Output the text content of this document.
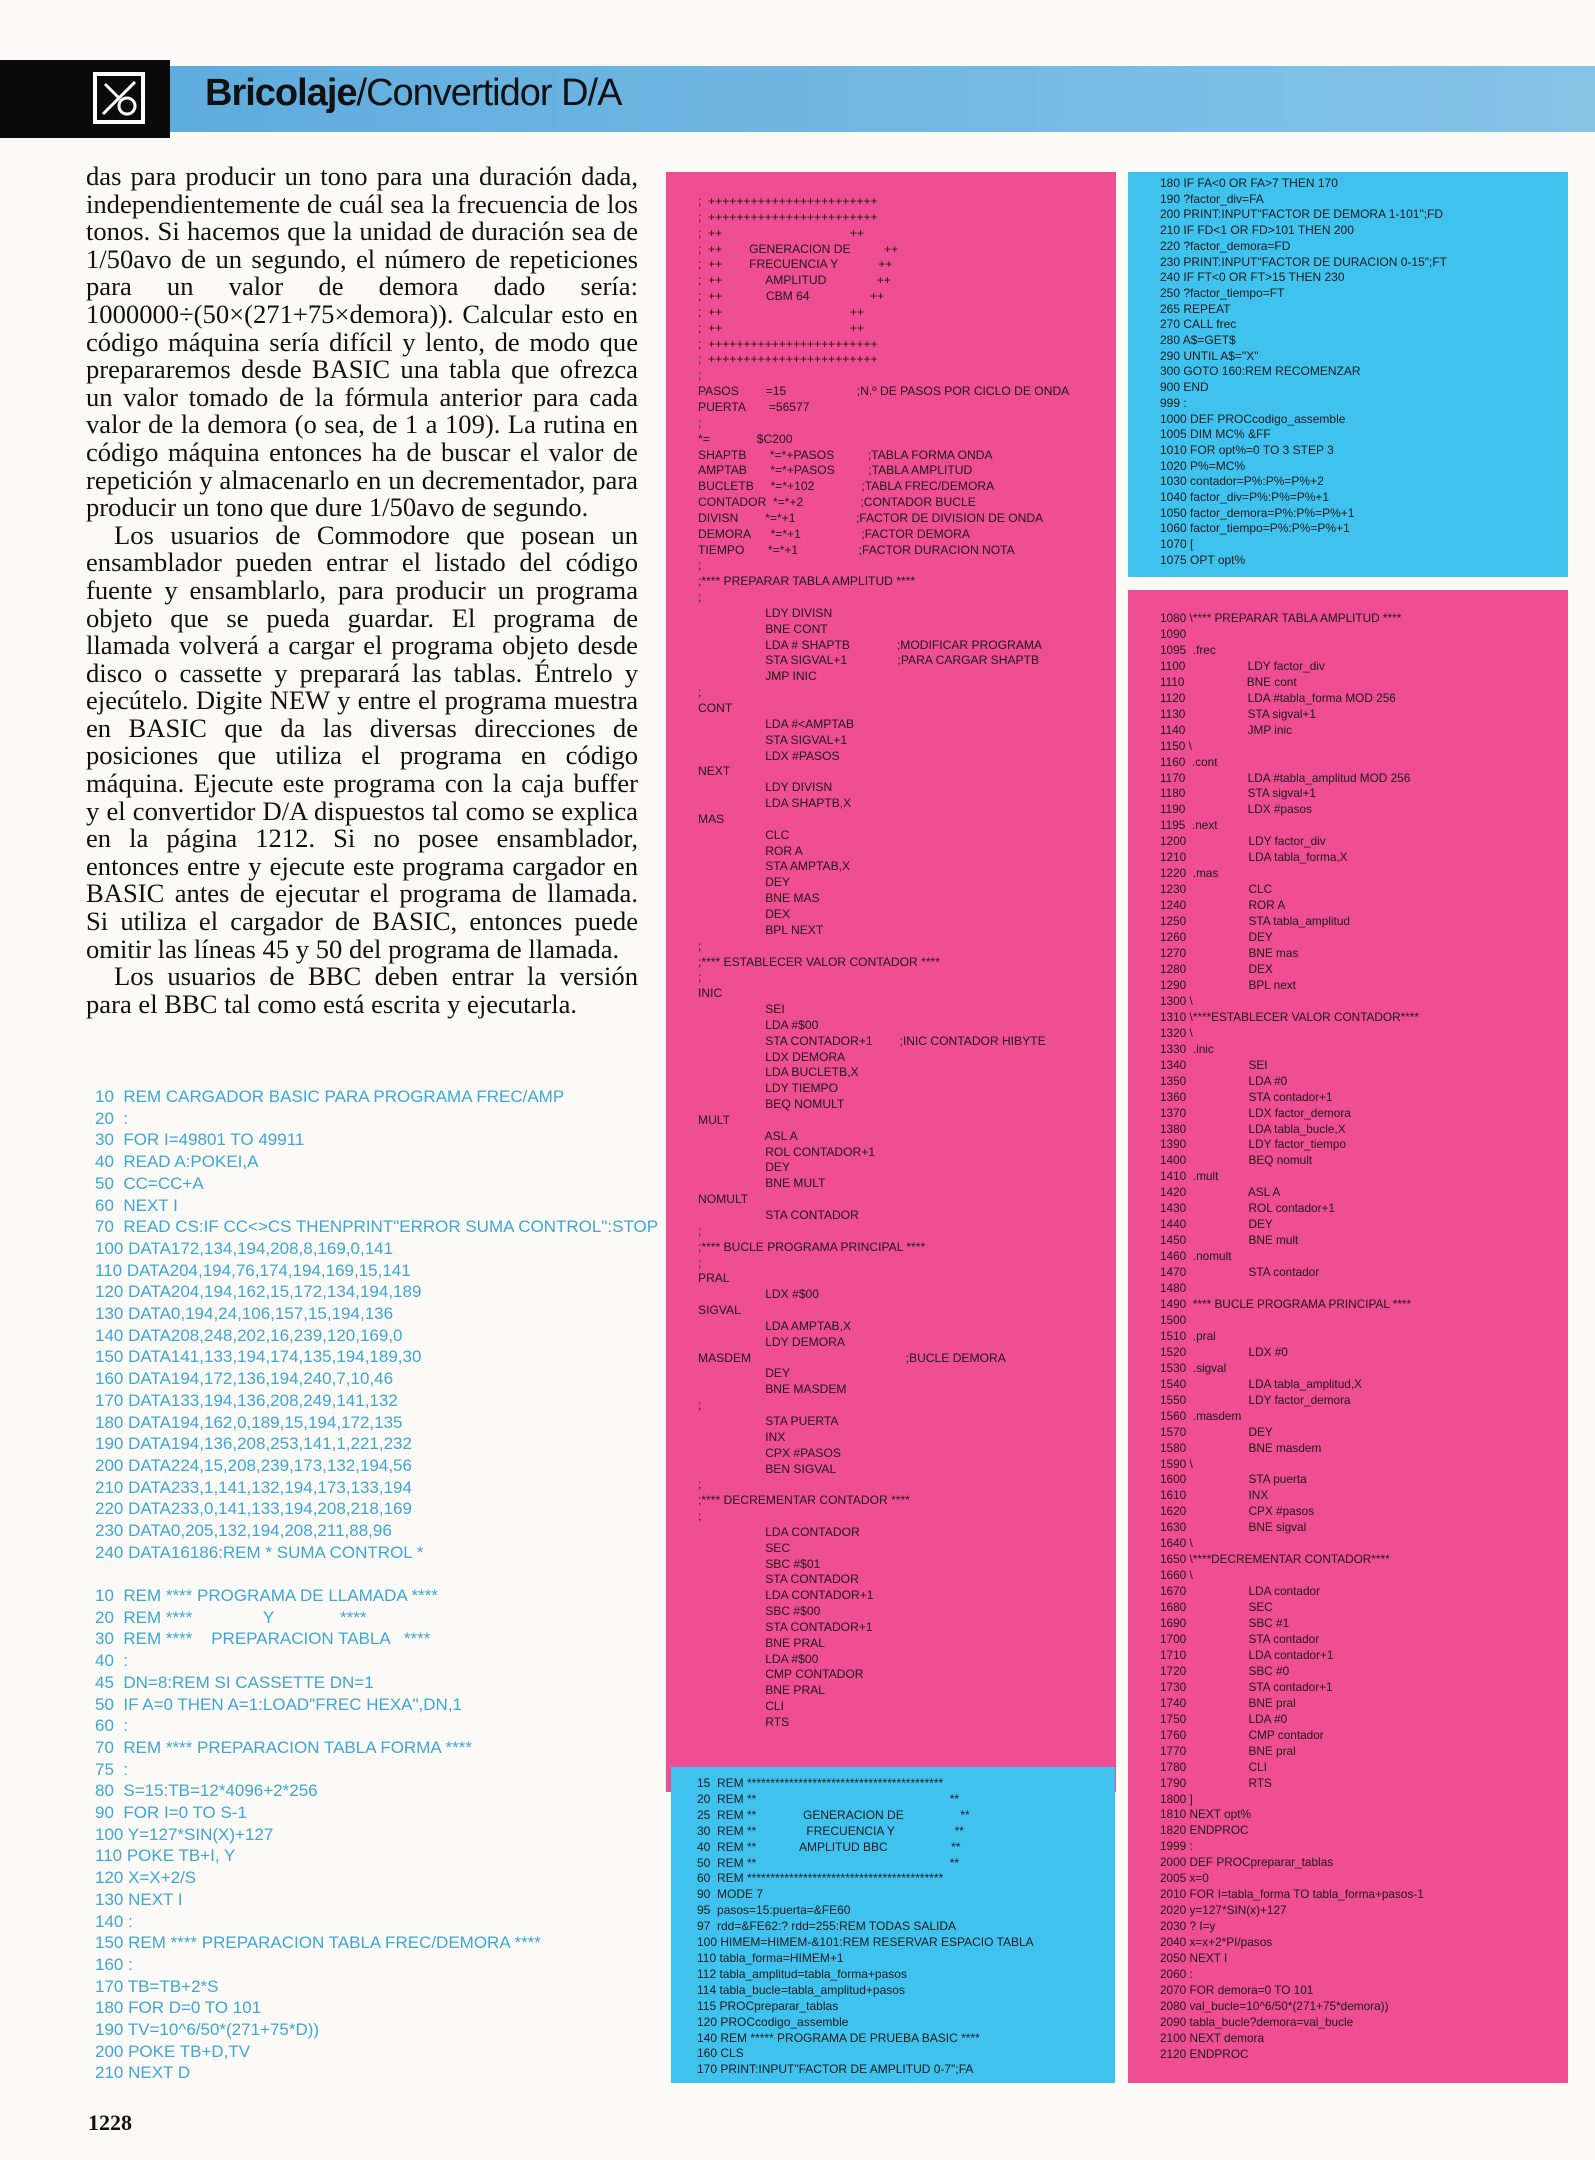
Bricolaje/Convertidor D/A

das para producir un tono para una duración dada, independientemente de cuál sea la frecuencia de los tonos. Si hacemos que la unidad de duración sea de 1/50avo de un segundo, el número de repeticiones para un valor de demora dado sería: 1000000÷(50×(271+75×demora)). Calcular esto en código máquina sería difícil y lento, de modo que prepararemos desde BASIC una tabla que ofrezca un valor tomado de la fórmula anterior para cada valor de la demora (o sea, de 1 a 109). La rutina en código máquina entonces ha de buscar el valor de repetición y almacenarlo en un decrementador, para producir un tono que dure 1/50avo de segundo.

Los usuarios de Commodore que posean un ensamblador pueden entrar el listado del código fuente y ensamblarlo, para producir un programa objeto que se pueda guardar. El programa de llamada volverá a cargar el programa objeto desde disco o cassette y preparará las tablas. Éntrelo y ejecútelo. Digite NEW y entre el programa muestra en BASIC que da las diversas direcciones de posiciones que utiliza el programa en código máquina. Ejecute este programa con la caja buffer y el convertidor D/A dispuestos tal como se explica en la página 1212. Si no posee ensamblador, entonces entre y ejecute este programa cargador en BASIC antes de ejecutar el programa de llamada. Si utiliza el cargador de BASIC, entonces puede omitir las líneas 45 y 50 del programa de llamada.

Los usuarios de BBC deben entrar la versión para el BBC tal como está escrita y ejecutarla.

10  REM CARGADOR BASIC PARA PROGRAMA FREC/AMP
20  :
30  FOR I=49801 TO 49911
40  READ A:POKEI,A
50  CC=CC+A
60  NEXT I
70  READ CS:IF CC<>CS THENPRINT"ERROR SUMA CONTROL":STOP
100 DATA172,134,194,208,8,169,0,141
110 DATA204,194,76,174,194,169,15,141
120 DATA204,194,162,15,172,134,194,189
130 DATA0,194,24,106,157,15,194,136
140 DATA208,248,202,16,239,120,169,0
150 DATA141,133,194,174,135,194,189,30
160 DATA194,172,136,194,240,7,10,46
170 DATA133,194,136,208,249,141,132
180 DATA194,162,0,189,15,194,172,135
190 DATA194,136,208,253,141,1,221,232
200 DATA224,15,208,239,173,132,194,56
210 DATA233,1,141,132,194,173,133,194
220 DATA233,0,141,133,194,208,218,169
230 DATA0,205,132,194,208,211,88,96
240 DATA16186:REM * SUMA CONTROL *
10  REM **** PROGRAMA DE LLAMADA ****
20  REM ****               Y              ****
30  REM ****    PREPARACION TABLA   ****
40  :
45  DN=8:REM SI CASSETTE DN=1
50  IF A=0 THEN A=1:LOAD"FREC HEXA",DN,1
60  :
70  REM **** PREPARACION TABLA FORMA ****
75  :
80  S=15:TB=12*4096+2*256
90  FOR I=0 TO S-1
100 Y=127*SIN(X)+127
110 POKE TB+I, Y
120 X=X+2/S
130 NEXT I
140 :
150 REM **** PREPARACION TABLA FREC/DEMORA ****
160 :
170 TB=TB+2*S
180 FOR D=0 TO 101
190 TV=10^6/50*(271+75*D))
200 POKE TB+D,TV
210 NEXT D
;  ++++++++++++++++++++++++
;  ++++++++++++++++++++++++
;  ++                                      ++
;  ++        GENERACION DE          ++
;  ++        FRECUENCIA Y            ++
;  ++             AMPLITUD               ++
;  ++             CBM 64                  ++
;  ++                                      ++
;  ++                                      ++
;  ++++++++++++++++++++++++
;  ++++++++++++++++++++++++
;
PASOS        =15                     ;N.º DE PASOS POR CICLO DE ONDA
PUERTA       =56577
;
*=              $C200
SHAPTB       *=*+PASOS          ;TABLA FORMA ONDA
AMPTAB       *=*+PASOS          ;TABLA AMPLITUD
BUCLETB     *=*+102              ;TABLA FREC/DEMORA
CONTADOR  *=*+2                 ;CONTADOR BUCLE
DIVISN        *=*+1                  ;FACTOR DE DIVISION DE ONDA
DEMORA      *=*+1                  ;FACTOR DEMORA
TIEMPO       *=*+1                  ;FACTOR DURACION NOTA
;
;**** PREPARAR TABLA AMPLITUD ****
;
LDY DIVISN
BNE CONT
LDA # SHAPTB              ;MODIFICAR PROGRAMA
STA SIGVAL+1               ;PARA CARGAR SHAPTB
JMP INIC
;
CONT
LDA #<AMPTAB
STA SIGVAL+1
LDX #PASOS
NEXT
LDY DIVISN
LDA SHAPTB,X
MAS
CLC
ROR A
STA AMPTAB,X
DEY
BNE MAS
DEX
BPL NEXT
;
;**** ESTABLECER VALOR CONTADOR ****
;
INIC
SEI
LDA #$00
STA CONTADOR+1        ;INIC CONTADOR HIBYTE
LDX DEMORA
LDA BUCLETB,X
LDY TIEMPO
BEQ NOMULT
MULT
ASL A
ROL CONTADOR+1
DEY
BNE MULT
NOMULT
STA CONTADOR
;
;**** BUCLE PROGRAMA PRINCIPAL ****
;
PRAL
LDX #$00
SIGVAL
LDA AMPTAB,X
LDY DEMORA
MASDEM                                              ;BUCLE DEMORA
DEY
BNE MASDEM
;
STA PUERTA
INX
CPX #PASOS
BEN SIGVAL
;
;**** DECREMENTAR CONTADOR ****
;
LDA CONTADOR
SEC
SBC #$01
STA CONTADOR
LDA CONTADOR+1
SBC #$00
STA CONTADOR+1
BNE PRAL
LDA #$00
CMP CONTADOR
BNE PRAL
CLI
RTS
15  REM ******************************************
20  REM **                                                          **
25  REM **              GENERACION DE                 **
30  REM **               FRECUENCIA Y                  **
40  REM **             AMPLITUD BBC                   **
50  REM **                                                          **
60  REM ******************************************
90  MODE 7
95  pasos=15:puerta=&FE60
97  rdd=&FE62:? rdd=255:REM TODAS SALIDA
100 HIMEM=HIMEM-&101:REM RESERVAR ESPACIO TABLA
110 tabla_forma=HIMEM+1
112 tabla_amplitud=tabla_forma+pasos
114 tabla_bucle=tabla_amplitud+pasos
115 PROCpreparar_tablas
120 PROCcodigo_assemble
140 REM ***** PROGRAMA DE PRUEBA BASIC ****
160 CLS
170 PRINT:INPUT"FACTOR DE AMPLITUD 0-7";FA
180 IF FA<0 OR FA>7 THEN 170
190 ?factor_div=FA
200 PRINT:INPUT"FACTOR DE DEMORA 1-101";FD
210 IF FD<1 OR FD>101 THEN 200
220 ?factor_demora=FD
230 PRINT:INPUT"FACTOR DE DURACION 0-15";FT
240 IF FT<0 OR FT>15 THEN 230
250 ?factor_tiempo=FT
265 REPEAT
270 CALL frec
280 A$=GET$
290 UNTIL A$="X"
300 GOTO 160:REM RECOMENZAR
900 END
999 :
1000 DEF PROCcodigo_assemble
1005 DIM MC% &FF
1010 FOR opt%=0 TO 3 STEP 3
1020 P%=MC%
1030 contador=P%:P%=P%+2
1040 factor_div=P%:P%=P%+1
1050 factor_demora=P%:P%=P%+1
1060 factor_tiempo=P%:P%=P%+1
1070 [
1075 OPT opt%
1080 \**** PREPARAR TABLA AMPLITUD ****
1090
1095  .frec
1100                   LDY factor_div
1110                   BNE cont
1120                   LDA #tabla_forma MOD 256
1130                   STA sigval+1
1140                   JMP inic
1150 \
1160  .cont
1170                   LDA #tabla_amplitud MOD 256
1180                   STA sigval+1
1190                   LDX #pasos
1195  .next
1200                   LDY factor_div
1210                   LDA tabla_forma,X
1220  .mas
1230                   CLC
1240                   ROR A
1250                   STA tabla_amplitud
1260                   DEY
1270                   BNE mas
1280                   DEX
1290                   BPL next
1300 \
1310 \****ESTABLECER VALOR CONTADOR****
1320 \
1330  .inic
1340                   SEI
1350                   LDA #0
1360                   STA contador+1
1370                   LDX factor_demora
1380                   LDA tabla_bucle,X
1390                   LDY factor_tiempo
1400                   BEQ nomult
1410  .mult
1420                   ASL A
1430                   ROL contador+1
1440                   DEY
1450                   BNE mult
1460  .nomult
1470                   STA contador
1480
1490  **** BUCLE PROGRAMA PRINCIPAL ****
1500
1510  .pral
1520                   LDX #0
1530  .sigval
1540                   LDA tabla_amplitud,X
1550                   LDY factor_demora
1560  .masdem
1570                   DEY
1580                   BNE masdem
1590 \
1600                   STA puerta
1610                   INX
1620                   CPX #pasos
1630                   BNE sigval
1640 \
1650 \****DECREMENTAR CONTADOR****
1660 \
1670                   LDA contador
1680                   SEC
1690                   SBC #1
1700                   STA contador
1710                   LDA contador+1
1720                   SBC #0
1730                   STA contador+1
1740                   BNE pral
1750                   LDA #0
1760                   CMP contador
1770                   BNE pral
1780                   CLI
1790                   RTS
1800 ]
1810 NEXT opt%
1820 ENDPROC
1999 :
2000 DEF PROCpreparar_tablas
2005 x=0
2010 FOR I=tabla_forma TO tabla_forma+pasos-1
2020 y=127*SIN(x)+127
2030 ? I=y
2040 x=x+2*PI/pasos
2050 NEXT I
2060 :
2070 FOR demora=0 TO 101
2080 val_bucle=10^6/50*(271+75*demora))
2090 tabla_bucle?demora=val_bucle
2100 NEXT demora
2120 ENDPROC
1228
